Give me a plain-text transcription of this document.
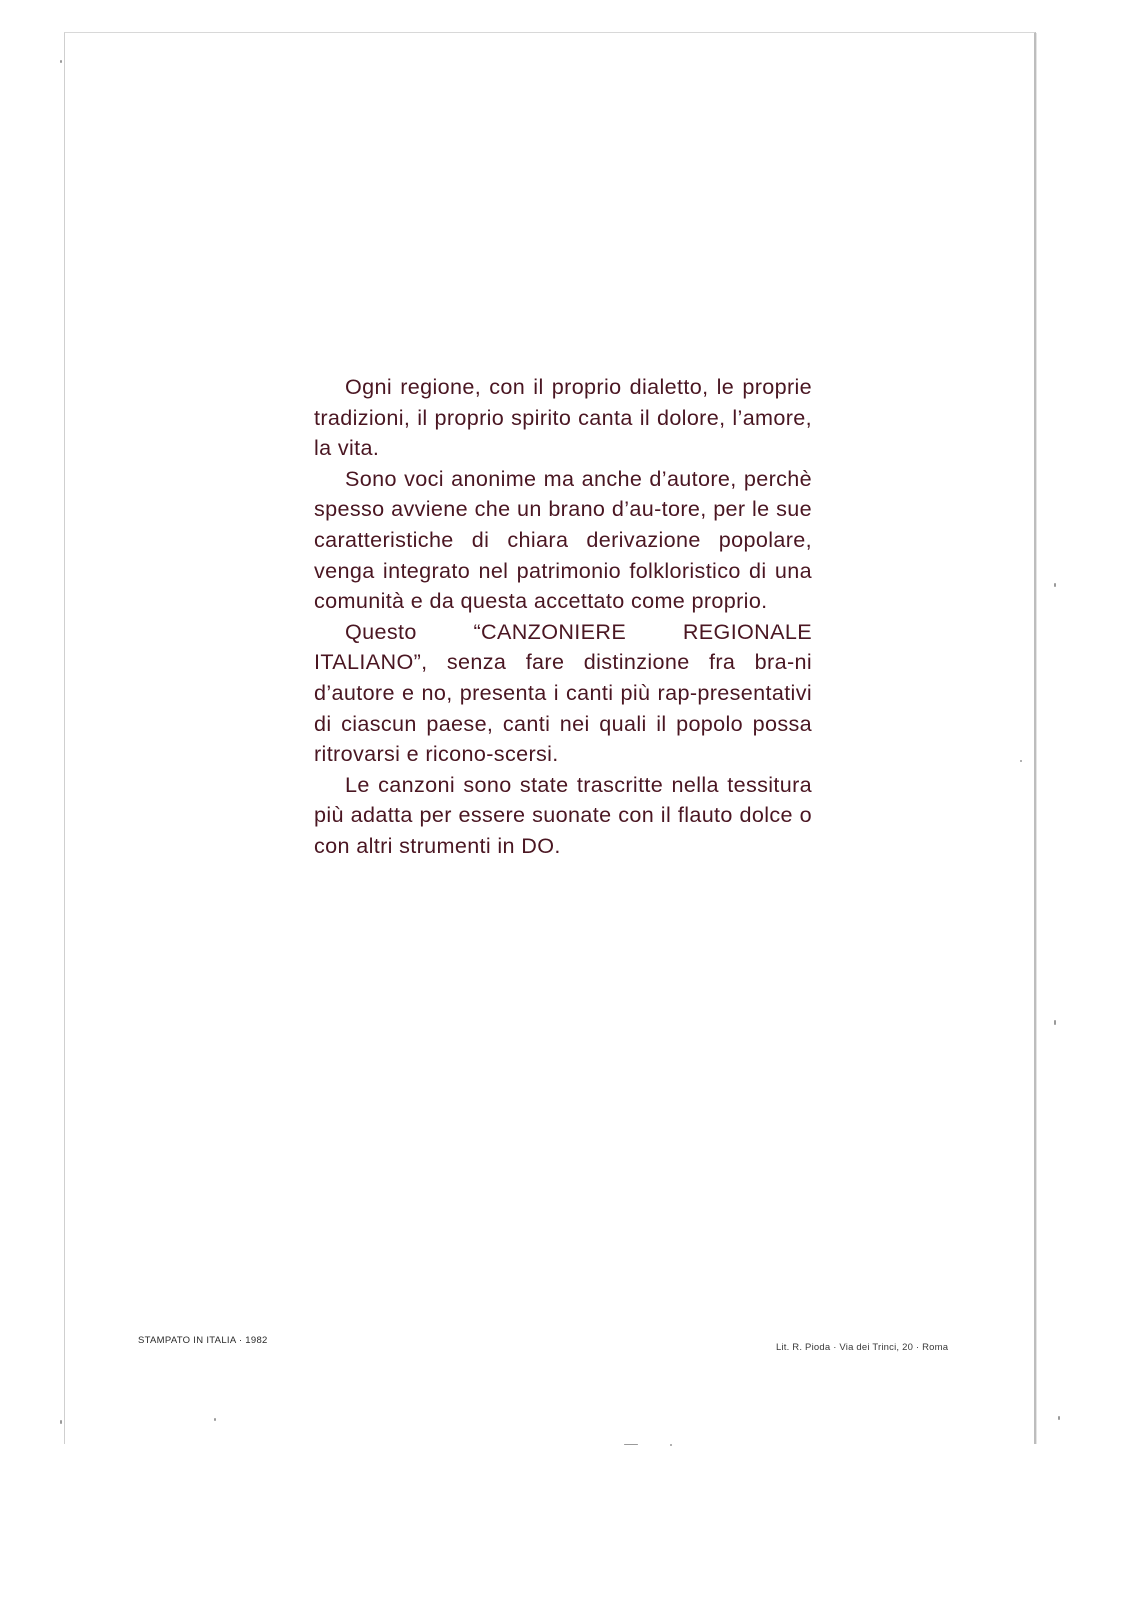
Ogni regione, con il proprio dialetto, le proprie tradizioni, il proprio spirito canta il dolore, l’amore, la vita.

Sono voci anonime ma anche d’autore, perchè spesso avviene che un brano d’au-tore, per le sue caratteristiche di chiara derivazione popolare, venga integrato nel patrimonio folkloristico di una comunità e da questa accettato come proprio.

Questo “CANZONIERE REGIONALE ITALIANO”, senza fare distinzione fra bra-ni d’autore e no, presenta i canti più rap-presentativi di ciascun paese, canti nei quali il popolo possa ritrovarsi e ricono-scersi.

Le canzoni sono state trascritte nella tessitura più adatta per essere suonate con il flauto dolce o con altri strumenti in DO.

STAMPATO IN ITALIA · 1982
Lit. R. Pioda · Via dei Trinci, 20 · Roma
